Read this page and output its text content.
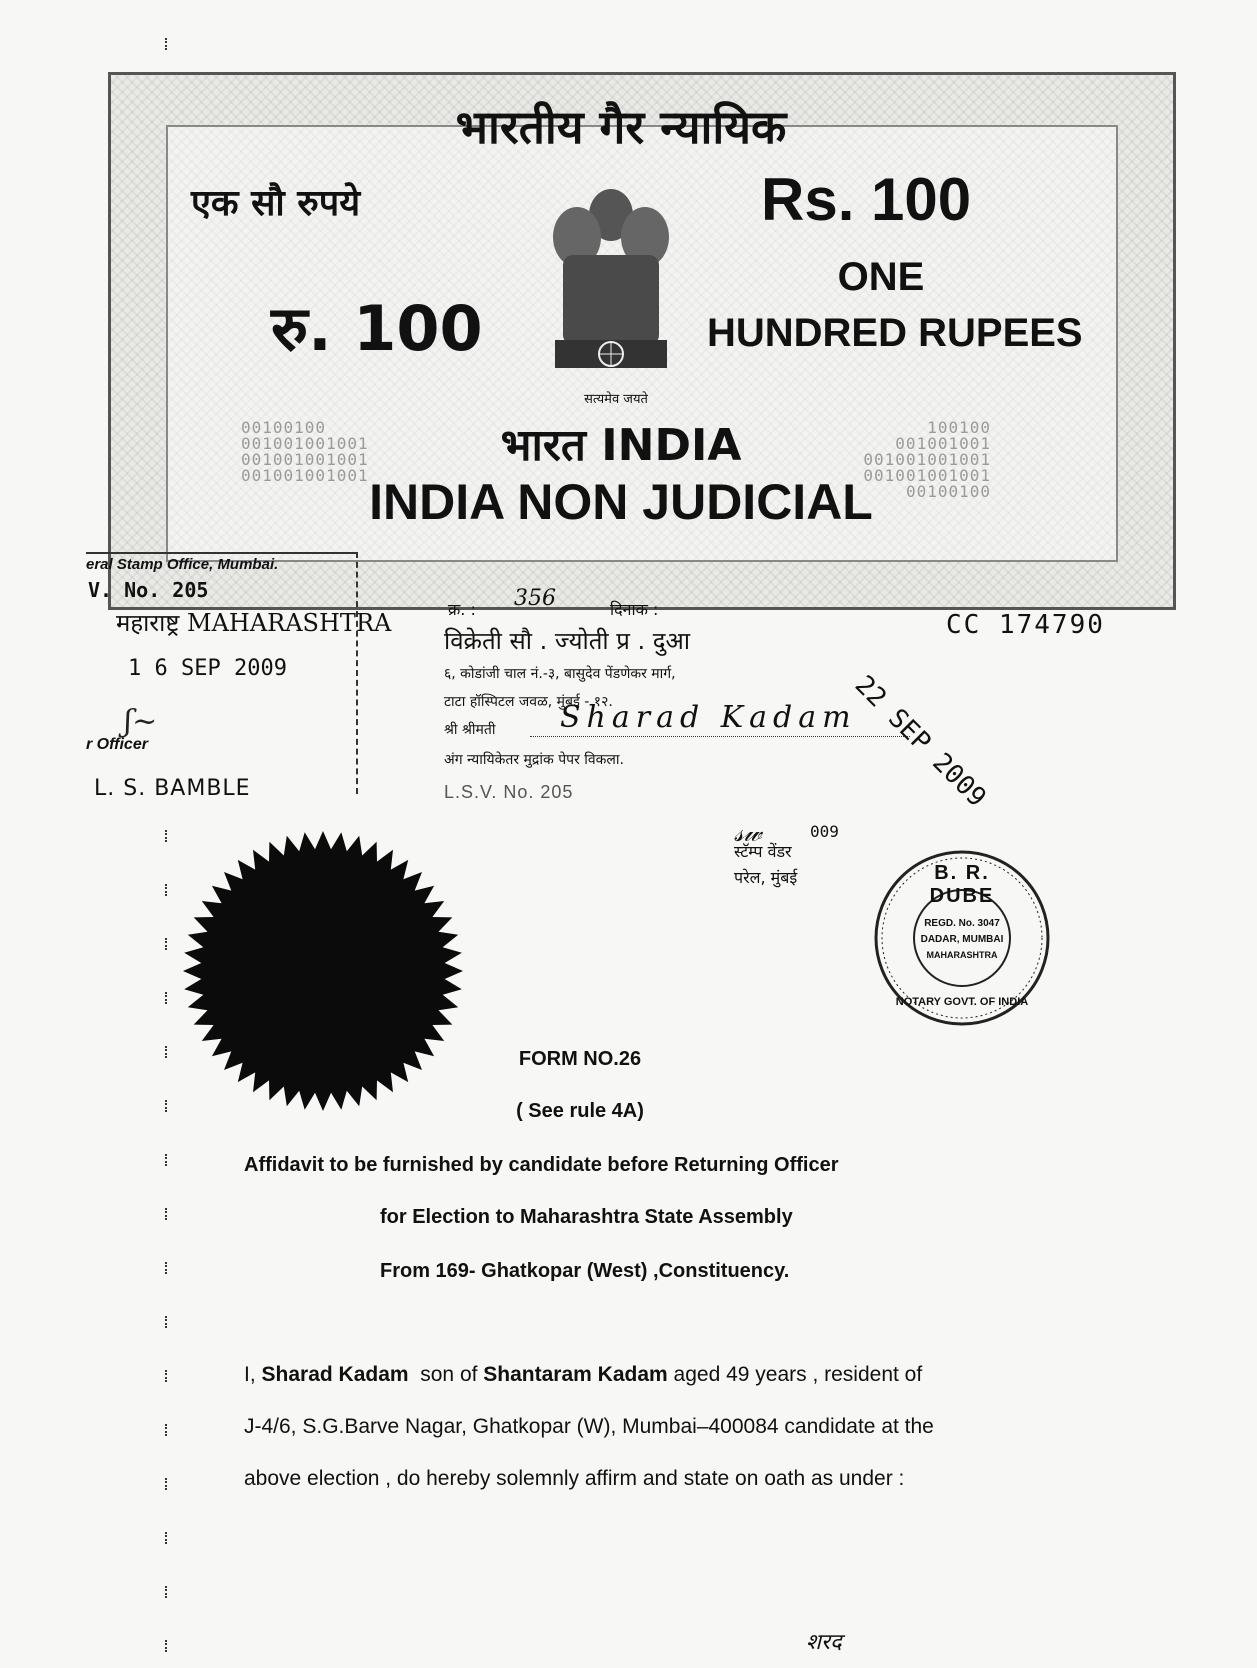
भारतीय गैर न्यायिक
एक सौ रुपये	Rs. 100
रु. 100
ONE
HUNDRED RUPEES
सत्यमेव जयते
00100100
001001001001
001001001001
001001001001
100100
001001001
001001001001
001001001001
00100100
भारत INDIA
INDIA NON JUDICIAL
eral Stamp Office, Mumbai.
V. No. 205
महाराष्ट्र MAHARASHTRA
1 6 SEP 2009
r Officer
ʃ~
L. S. BAMBLE
क्र. : 356	दिनाक :
विक्रेती सौ . ज्योती प्र . दुआ
६, कोडांजी चाल नं.-३, बासुदेव पेंडणेकर मार्ग,
टाटा हॉस्पिटल जवळ, मुंबई - १२.
श्री श्रीमती Sharad Kadam
अंग न्यायिकेतर मुद्रांक पेपर विकला.
L.S.V. No. 205
CC 174790
22 SEP 2009
𝓈𝓌	009
स्टॅम्प वेंडर
परेल, मुंबई	B. R. DUBE
REGD. No. 3047
DADAR, MUMBAI
MAHARASHTRA
NOTARY GOVT. OF INDIA
FORM NO.26
( See rule 4A)
Affidavit to be furnished by candidate before Returning Officer
for Election to Maharashtra State Assembly
From 169- Ghatkopar (West) ,Constituency.
I, Sharad Kadam  son of Shantaram Kadam aged 49 years , resident of
J-4/6, S.G.Barve Nagar, Ghatkopar (W), Mumbai–400084 candidate at the
above election , do hereby solemnly affirm and state on oath as under :
शरद
